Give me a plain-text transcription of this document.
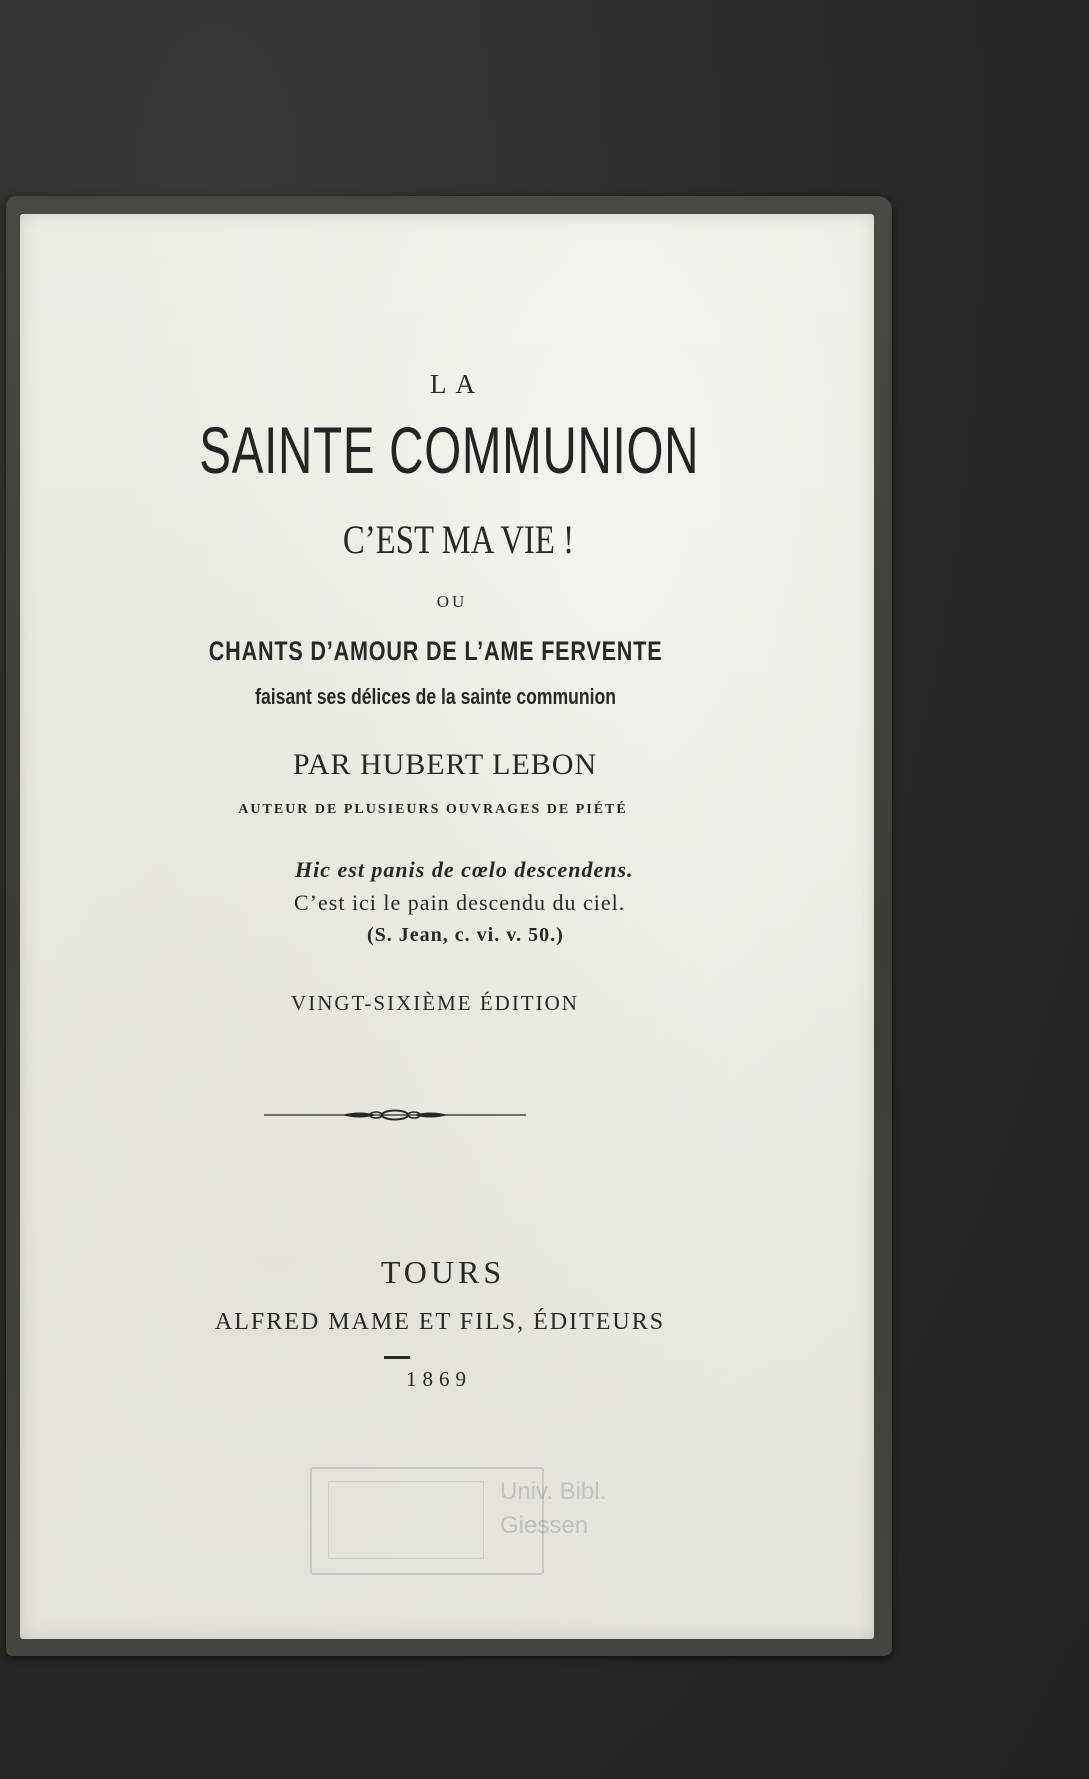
LA
SAINTE COMMUNION
C’EST MA VIE !
OU
CHANTS D’AMOUR DE L’AME FERVENTE
faisant ses délices de la sainte communion
PAR HUBERT LEBON
AUTEUR DE PLUSIEURS OUVRAGES DE PIÉTÉ
Hic est panis de cœlo descendens.
C’est ici le pain descendu du ciel.
(S. Jean, c. vi. v. 50.)
VINGT-SIXIÈME ÉDITION
TOURS
ALFRED MAME ET FILS, ÉDITEURS
1869
Univ. Bibl.
Giessen
